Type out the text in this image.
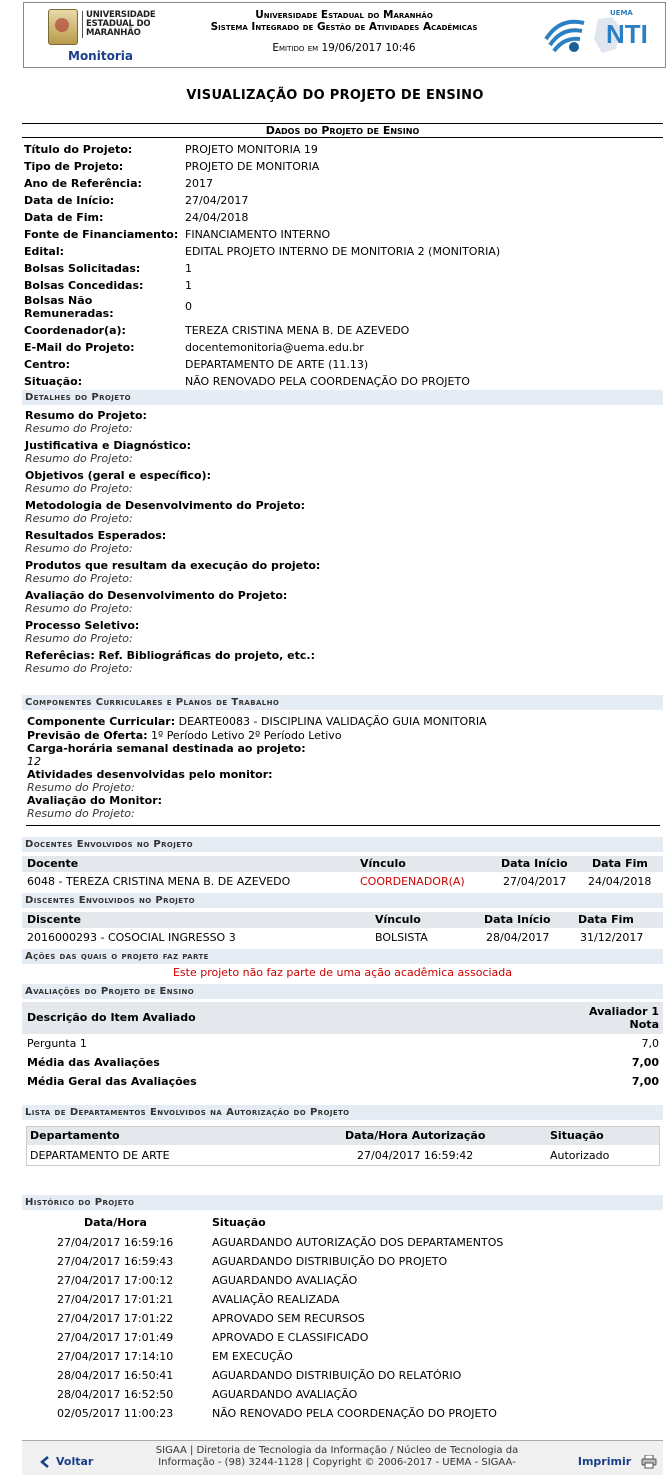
UNIVERSIDADE
ESTADUAL DO
MARANHÃO
Monitoria
Universidade Estadual do Maranhão
Sistema Integrado de Gestão de Atividades Acadêmicas
Emitido em 19/06/2017 10:46
UEMA
NTI
VISUALIZAÇÃO DO PROJETO DE ENSINO
Dados do Projeto de Ensino
Título do Projeto:	PROJETO MONITORIA 19
Tipo de Projeto:	PROJETO DE MONITORIA
Ano de Referência:	2017
Data de Início:	27/04/2017
Data de Fim:	24/04/2018
Fonte de Financiamento: FINANCIAMENTO INTERNO
Edital:	EDITAL PROJETO INTERNO DE MONITORIA 2 (MONITORIA)
Bolsas Solicitadas:	1
Bolsas Concedidas:	1
Bolsas Não
Remuneradas:
0
Coordenador(a):	TEREZA CRISTINA MENA B. DE AZEVEDO
E-Mail do Projeto:	docentemonitoria@uema.edu.br
Centro:	DEPARTAMENTO DE ARTE (11.13)
Situação:	NÃO RENOVADO PELA COORDENAÇÃO DO PROJETO
Detalhes do Projeto
Resumo do Projeto:
Resumo do Projeto:
Justificativa e Diagnóstico:
Resumo do Projeto:
Objetivos (geral e específico):
Resumo do Projeto:
Metodologia de Desenvolvimento do Projeto:
Resumo do Projeto:
Resultados Esperados:
Resumo do Projeto:
Produtos que resultam da execução do projeto:
Resumo do Projeto:
Avaliação do Desenvolvimento do Projeto:
Resumo do Projeto:
Processo Seletivo:
Resumo do Projeto:
Referêcias: Ref. Bibliográficas do projeto, etc.:
Resumo do Projeto:
Componentes Curriculares e Planos de Trabalho
Componente Curricular: DEARTE0083 - DISCIPLINA VALIDAÇÃO GUIA MONITORIA
Previsão de Oferta: 1º Período Letivo 2º Período Letivo
Carga-horária semanal destinada ao projeto:
12
Atividades desenvolvidas pelo monitor:
Resumo do Projeto:
Avaliação do Monitor:
Resumo do Projeto:
Docentes Envolvidos no Projeto
Docente	Vínculo	Data Início Data Fim
6048 - TEREZA CRISTINA MENA B. DE AZEVEDO	COORDENADOR(A)	27/04/2017 24/04/2018
Discentes Envolvidos no Projeto
Discente	Vínculo	Data Início Data Fim
2016000293 - COSOCIAL INGRESSO 3	BOLSISTA	28/04/2017	31/12/2017
Ações das quais o projeto faz parte
Este projeto não faz parte de uma ação acadêmica associada
Avaliações do Projeto de Ensino
Descrição do Item Avaliado	Avaliador 1
Nota
Pergunta 1	7,0
Média das Avaliações	7,00
Média Geral das Avaliações	7,00
Lista de Departamentos Envolvidos na Autorização do Projeto
Departamento	Data/Hora Autorização	Situação
DEPARTAMENTO DE ARTE	27/04/2017 16:59:42	Autorizado
Histórico do Projeto
Data/Hora	Situação
27/04/2017 16:59:16	AGUARDANDO AUTORIZAÇÃO DOS DEPARTAMENTOS
27/04/2017 16:59:43	AGUARDANDO DISTRIBUIÇÃO DO PROJETO
27/04/2017 17:00:12	AGUARDANDO AVALIAÇÃO
27/04/2017 17:01:21	AVALIAÇÃO REALIZADA
27/04/2017 17:01:22	APROVADO SEM RECURSOS
27/04/2017 17:01:49	APROVADO E CLASSIFICADO
27/04/2017 17:14:10	EM EXECUÇÃO
28/04/2017 16:50:41	AGUARDANDO DISTRIBUIÇÃO DO RELATÓRIO
28/04/2017 16:52:50	AGUARDANDO AVALIAÇÃO
02/05/2017 11:00:23	NÃO RENOVADO PELA COORDENAÇÃO DO PROJETO
Voltar
SIGAA | Diretoria de Tecnologia da Informação / Núcleo de Tecnologia da
Informação - (98) 3244-1128 | Copyright © 2006-2017 - UEMA - SIGAA-	Imprimir
